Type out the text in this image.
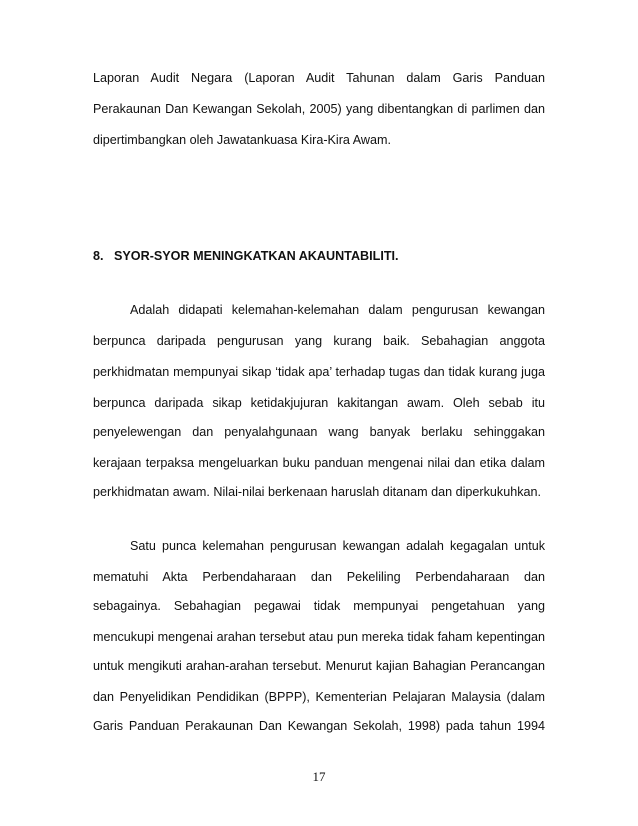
Laporan Audit Negara (Laporan Audit Tahunan dalam Garis Panduan
Perakaunan Dan Kewangan Sekolah, 2005) yang dibentangkan di parlimen dan
dipertimbangkan oleh Jawatankuasa Kira-Kira Awam.
8.   SYOR-SYOR MENINGKATKAN AKAUNTABILITI.
Adalah didapati kelemahan-kelemahan dalam pengurusan kewangan
berpunca daripada pengurusan yang kurang baik. Sebahagian anggota
perkhidmatan mempunyai sikap ‘tidak apa’ terhadap tugas dan tidak kurang juga
berpunca daripada sikap ketidakjujuran kakitangan awam. Oleh sebab itu
penyelewengan dan penyalahgunaan wang banyak berlaku sehinggakan
kerajaan terpaksa mengeluarkan buku panduan mengenai nilai dan etika dalam
perkhidmatan awam. Nilai-nilai berkenaan haruslah ditanam dan diperkukuhkan.
Satu punca kelemahan pengurusan kewangan adalah kegagalan untuk
mematuhi Akta Perbendaharaan dan Pekeliling Perbendaharaan dan
sebagainya. Sebahagian pegawai tidak mempunyai pengetahuan yang
mencukupi mengenai arahan tersebut atau pun mereka tidak faham kepentingan
untuk mengikuti arahan-arahan tersebut. Menurut kajian Bahagian Perancangan
dan Penyelidikan Pendidikan (BPPP), Kementerian Pelajaran Malaysia (dalam
Garis Panduan Perakaunan Dan Kewangan Sekolah, 1998) pada tahun 1994
17
